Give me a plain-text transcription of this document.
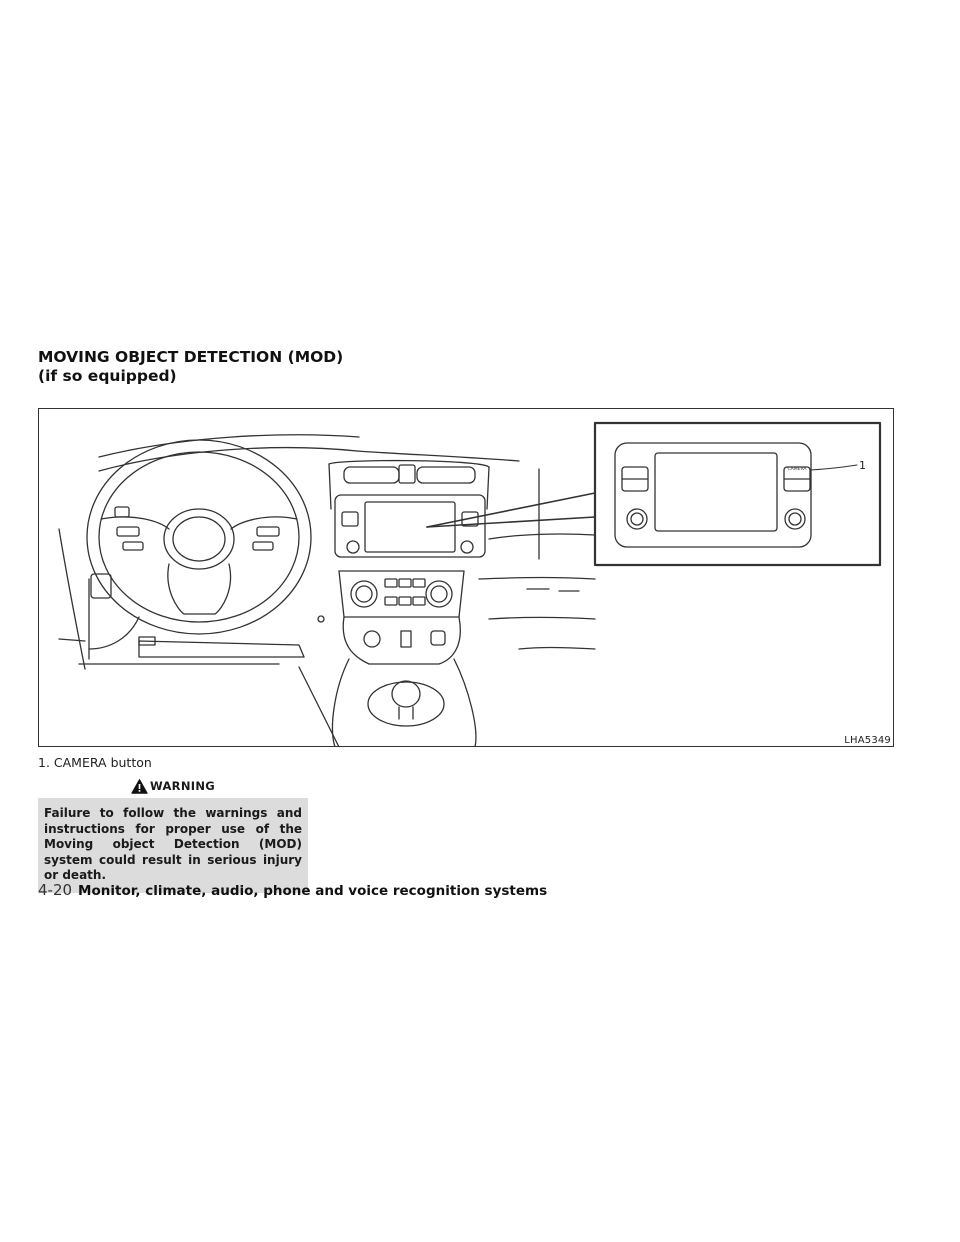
MOVING OBJECT DETECTION (MOD)
(if so equipped)
CAMERA	1
LHA5349
1. CAMERA button
WARNING
Failure to follow the warnings and instructions for proper use of the Moving object Detection (MOD) system could result in serious injury or death.
4-20 Monitor, climate, audio, phone and voice recognition systems
